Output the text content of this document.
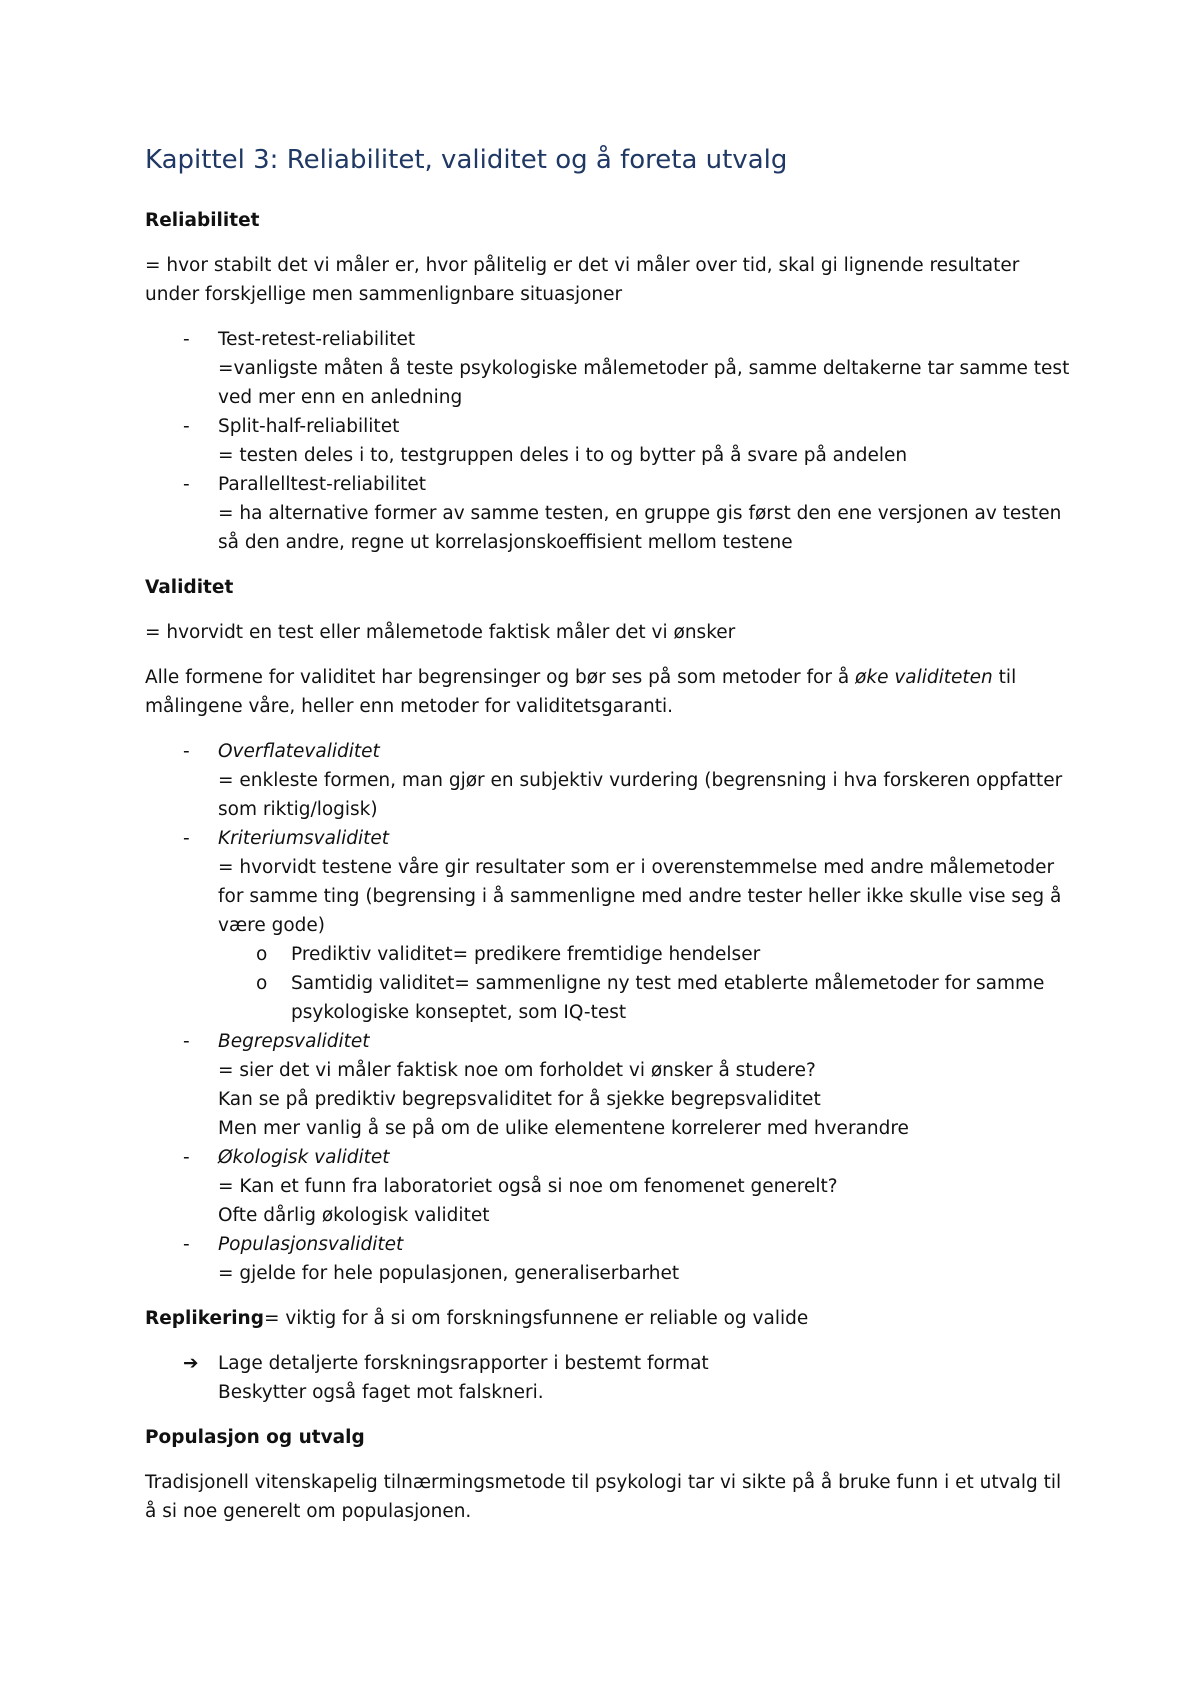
Kapittel 3: Reliabilitet, validitet og å foreta utvalg
Reliabilitet

= hvor stabilt det vi måler er, hvor pålitelig er det vi måler over tid, skal gi lignende resultater under forskjellige men sammenlignbare situasjoner

- Test-retest-reliabilitet
=vanligste måten å teste psykologiske målemetoder på, samme deltakerne tar samme test ved mer enn en anledning
- Split-half-reliabilitet
= testen deles i to, testgruppen deles i to og bytter på å svare på andelen
- Parallelltest-reliabilitet
= ha alternative former av samme testen, en gruppe gis først den ene versjonen av testen så den andre, regne ut korrelasjonskoeffisient mellom testene
Validitet

= hvorvidt en test eller målemetode faktisk måler det vi ønsker

Alle formene for validitet har begrensinger og bør ses på som metoder for å øke validiteten til målingene våre, heller enn metoder for validitetsgaranti.

- Overflatevaliditet
= enkleste formen, man gjør en subjektiv vurdering (begrensning i hva forskeren oppfatter som riktig/logisk)
- Kriteriumsvaliditet
= hvorvidt testene våre gir resultater som er i overenstemmelse med andre målemetoder for samme ting (begrensing i å sammenligne med andre tester heller ikke skulle vise seg å være gode)
o Prediktiv validitet= predikere fremtidige hendelser
o Samtidig validitet= sammenligne ny test med etablerte målemetoder for samme psykologiske konseptet, som IQ-test
- Begrepsvaliditet
= sier det vi måler faktisk noe om forholdet vi ønsker å studere?
Kan se på prediktiv begrepsvaliditet for å sjekke begrepsvaliditet
Men mer vanlig å se på om de ulike elementene korrelerer med hverandre
- Økologisk validitet
= Kan et funn fra laboratoriet også si noe om fenomenet generelt?
Ofte dårlig økologisk validitet
- Populasjonsvaliditet
= gjelde for hele populasjonen, generaliserbarhet

Replikering= viktig for å si om forskningsfunnene er reliable og valide

➔ Lage detaljerte forskningsrapporter i bestemt format
Beskytter også faget mot falskneri.
Populasjon og utvalg

Tradisjonell vitenskapelig tilnærmingsmetode til psykologi tar vi sikte på å bruke funn i et utvalg til å si noe generelt om populasjonen.
